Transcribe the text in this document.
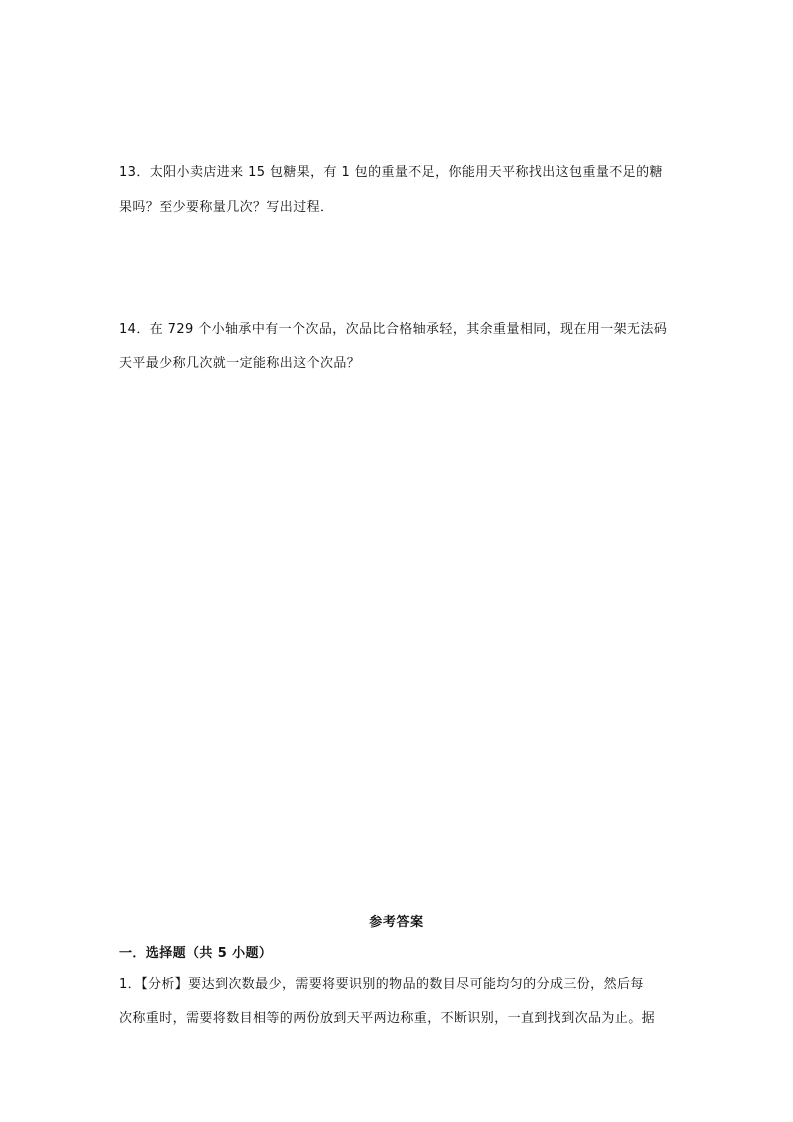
13．太阳小卖店进来 15 包糖果，有 1 包的重量不足，你能用天平称找出这包重量不足的糖
果吗？至少要称量几次？写出过程．
14．在 729 个小轴承中有一个次品，次品比合格轴承轻，其余重量相同，现在用一架无法码
天平最少称几次就一定能称出这个次品？
参考答案
一．选择题（共 5 小题）
1．【分析】要达到次数最少，需要将要识别的物品的数目尽可能均匀的分成三份，然后每
次称重时，需要将数目相等的两份放到天平两边称重，不断识别，一直到找到次品为止。据
